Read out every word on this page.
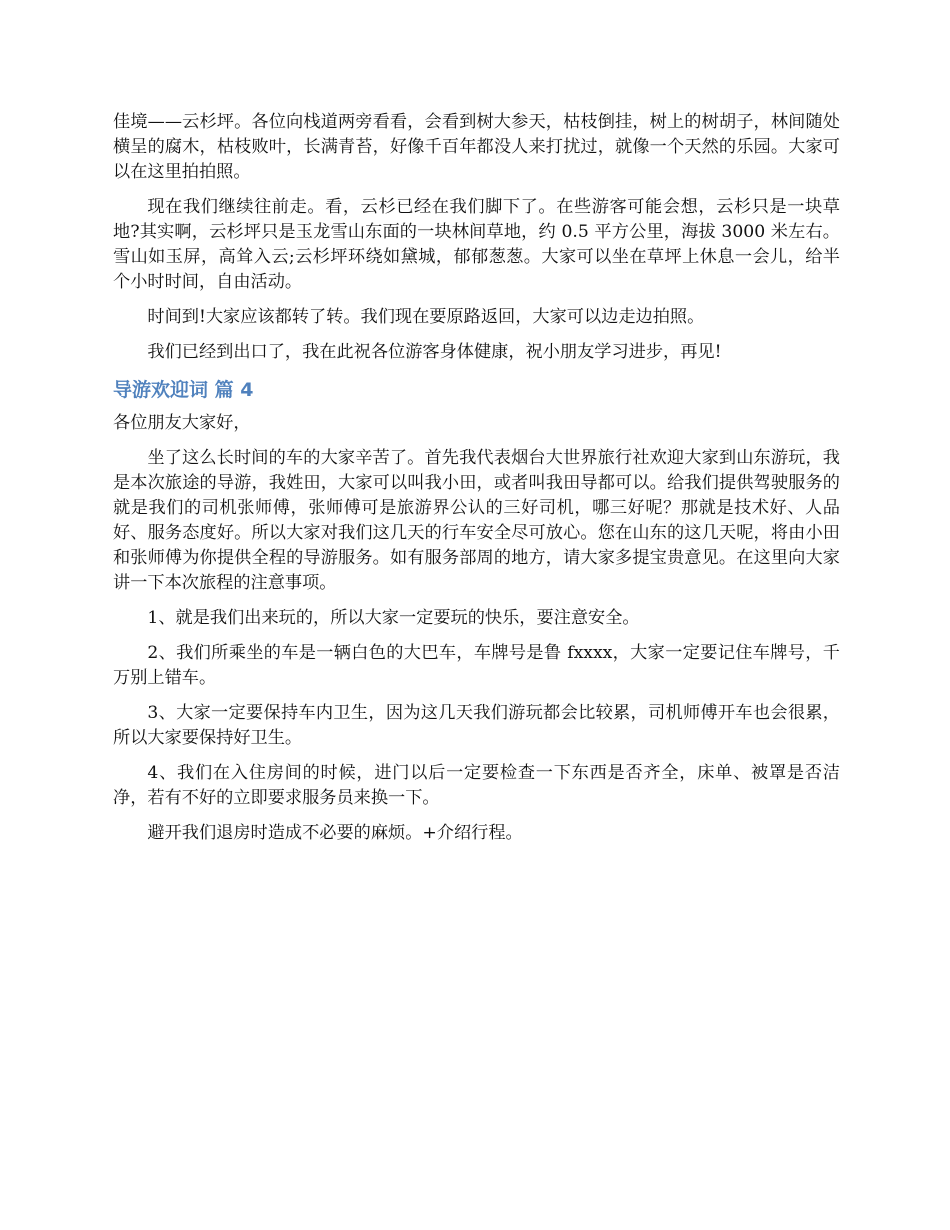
佳境——云杉坪。各位向栈道两旁看看，会看到树大参天，枯枝倒挂，树上的树胡子，林间随处横呈的腐木，枯枝败叶，长满青苔，好像千百年都没人来打扰过，就像一个天然的乐园。大家可以在这里拍拍照。

现在我们继续往前走。看，云杉已经在我们脚下了。在些游客可能会想，云杉只是一块草地?其实啊，云杉坪只是玉龙雪山东面的一块林间草地，约 0.5 平方公里，海拔 3000 米左右。雪山如玉屏，高耸入云;云杉坪环绕如黛城，郁郁葱葱。大家可以坐在草坪上休息一会儿，给半个小时时间，自由活动。

时间到!大家应该都转了转。我们现在要原路返回，大家可以边走边拍照。

我们已经到出口了，我在此祝各位游客身体健康，祝小朋友学习进步，再见!

导游欢迎词 篇 4

各位朋友大家好，

坐了这么长时间的车的大家辛苦了。首先我代表烟台大世界旅行社欢迎大家到山东游玩，我是本次旅途的导游，我姓田，大家可以叫我小田，或者叫我田导都可以。给我们提供驾驶服务的就是我们的司机张师傅，张师傅可是旅游界公认的三好司机，哪三好呢？那就是技术好、人品好、服务态度好。所以大家对我们这几天的行车安全尽可放心。您在山东的这几天呢，将由小田和张师傅为你提供全程的导游服务。如有服务部周的地方，请大家多提宝贵意见。在这里向大家讲一下本次旅程的注意事项。

1、就是我们出来玩的，所以大家一定要玩的快乐，要注意安全。

2、我们所乘坐的车是一辆白色的大巴车，车牌号是鲁 fxxxx，大家一定要记住车牌号，千万别上错车。

3、大家一定要保持车内卫生，因为这几天我们游玩都会比较累，司机师傅开车也会很累，所以大家要保持好卫生。

4、我们在入住房间的时候，进门以后一定要检查一下东西是否齐全，床单、被罩是否洁净，若有不好的立即要求服务员来换一下。

避开我们退房时造成不必要的麻烦。+介绍行程。
